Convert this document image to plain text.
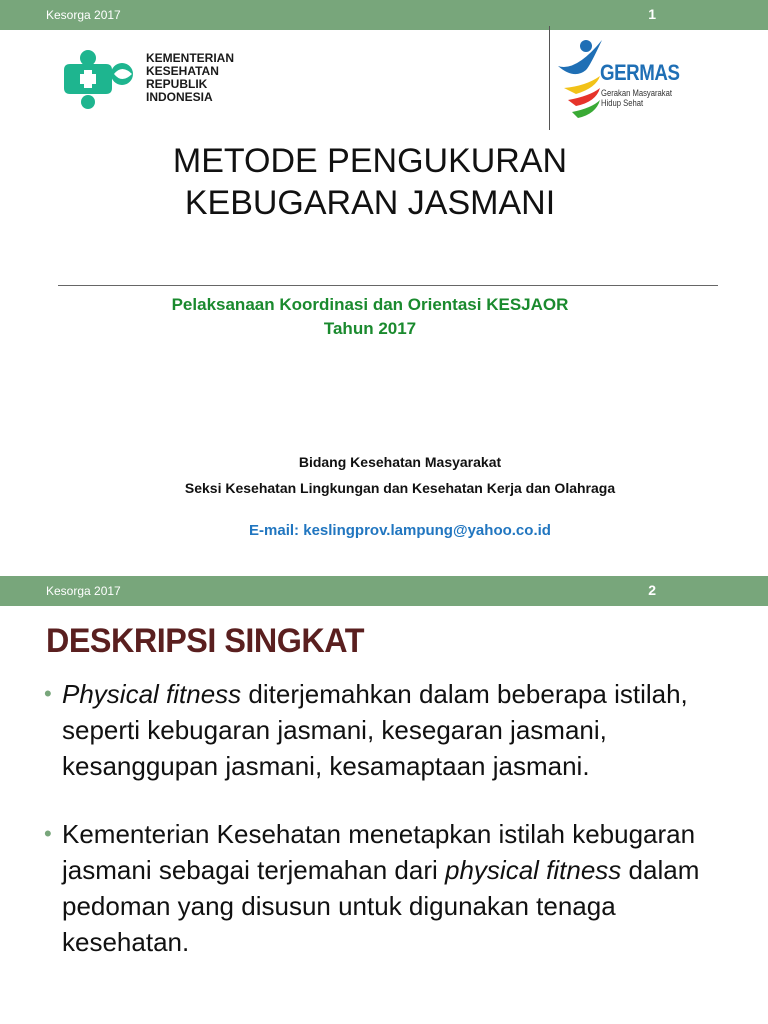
Kesorga 2017	1
KEMENTERIAN
KESEHATAN
REPUBLIK
INDONESIA
GERMAS
Gerakan Masyarakat
Hidup Sehat
METODE PENGUKURAN
KEBUGARAN JASMANI
Pelaksanaan Koordinasi dan Orientasi KESJAOR
Tahun 2017
Bidang Kesehatan Masyarakat
Seksi Kesehatan Lingkungan dan Kesehatan Kerja dan Olahraga
E-mail: keslingprov.lampung@yahoo.co.id
Kesorga 2017	2
DESKRIPSI SINGKAT
• Physical fitness diterjemahkan dalam beberapa istilah, seperti kebugaran jasmani, kesegaran jasmani, kesanggupan jasmani, kesamaptaan jasmani.
• Kementerian Kesehatan menetapkan istilah kebugaran jasmani sebagai terjemahan dari physical fitness dalam pedoman yang disusun untuk digunakan tenaga kesehatan.
